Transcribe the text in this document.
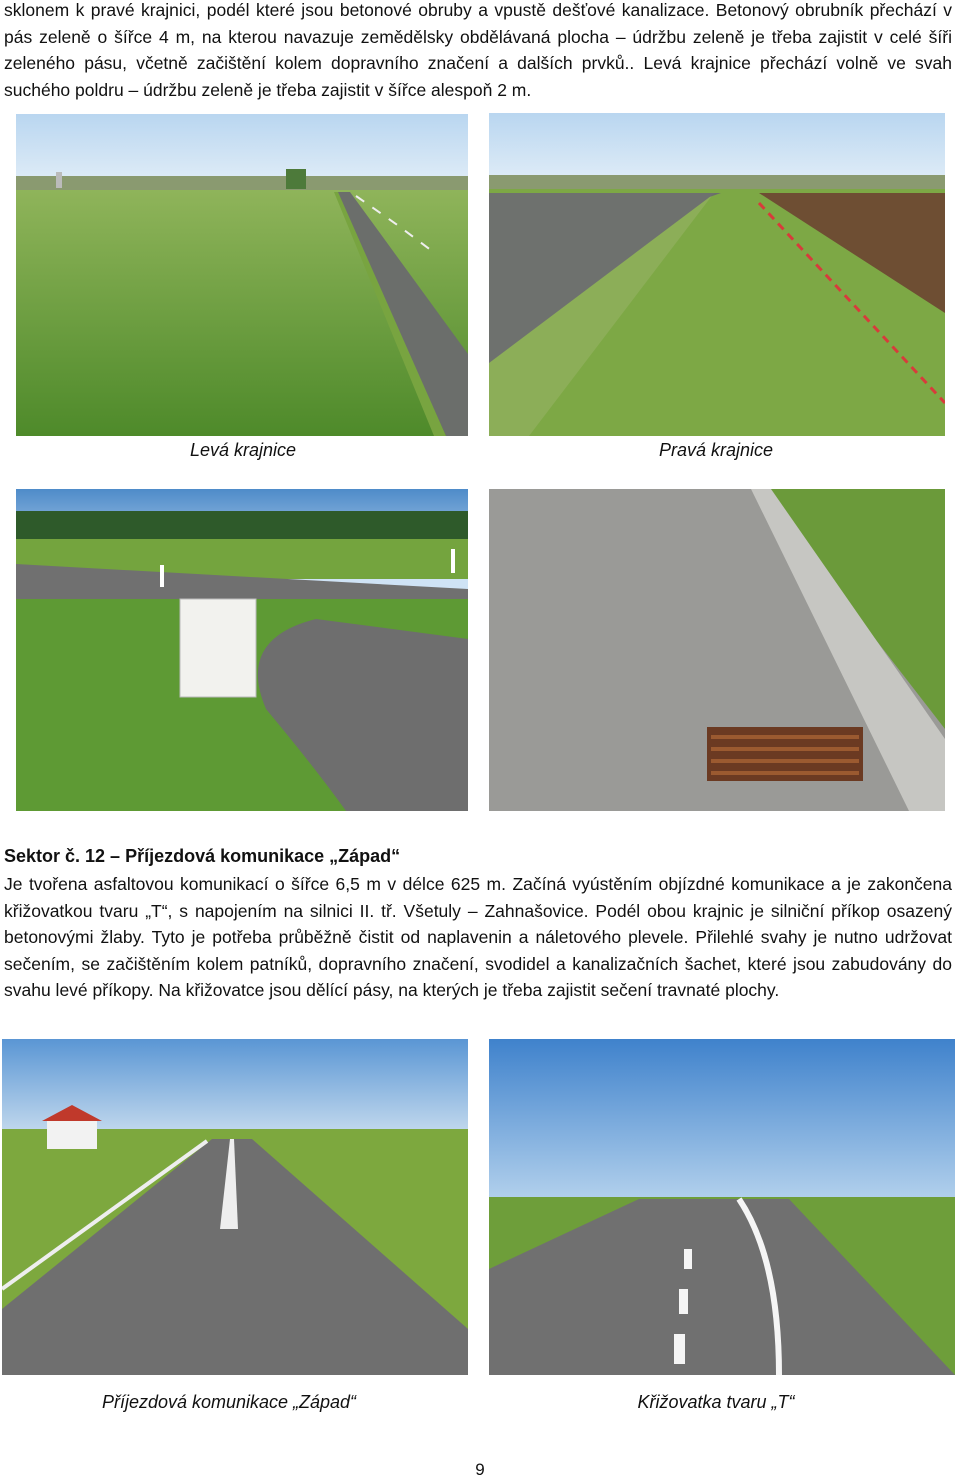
sklonem k pravé krajnici, podél které jsou betonové obruby a vpustě dešťové kanalizace. Betonový obrubník přechází v pás zeleně o šířce 4 m, na kterou navazuje zemědělsky obdělávaná plocha – údržbu zeleně je třeba zajistit v celé šíři zeleného pásu, včetně začištění kolem dopravního značení a dalších prvků.. Levá krajnice přechází volně ve svah suchého poldru – údržbu zeleně je třeba zajistit v šířce alespoň 2 m.

Levá krajnice	Pravá krajnice

Sektor č. 12 – Příjezdová komunikace „Západ“

Je tvořena asfaltovou komunikací o šířce 6,5 m v délce 625 m. Začíná vyústěním objízdné komunikace a je zakončena křižovatkou tvaru „T“, s napojením na silnici II. tř. Všetuly – Zahnašovice. Podél obou krajnic je silniční příkop osazený betonovými žlaby. Tyto je potřeba průběžně čistit od naplavenin a náletového plevele. Přilehlé svahy je nutno udržovat sečením, se začištěním kolem patníků, dopravního značení, svodidel a kanalizačních šachet, které jsou zabudovány do svahu levé příkopy. Na křižovatce jsou dělící pásy, na kterých je třeba zajistit sečení travnaté plochy.

Příjezdová komunikace „Západ“	Křižovatka tvaru „T“
9
